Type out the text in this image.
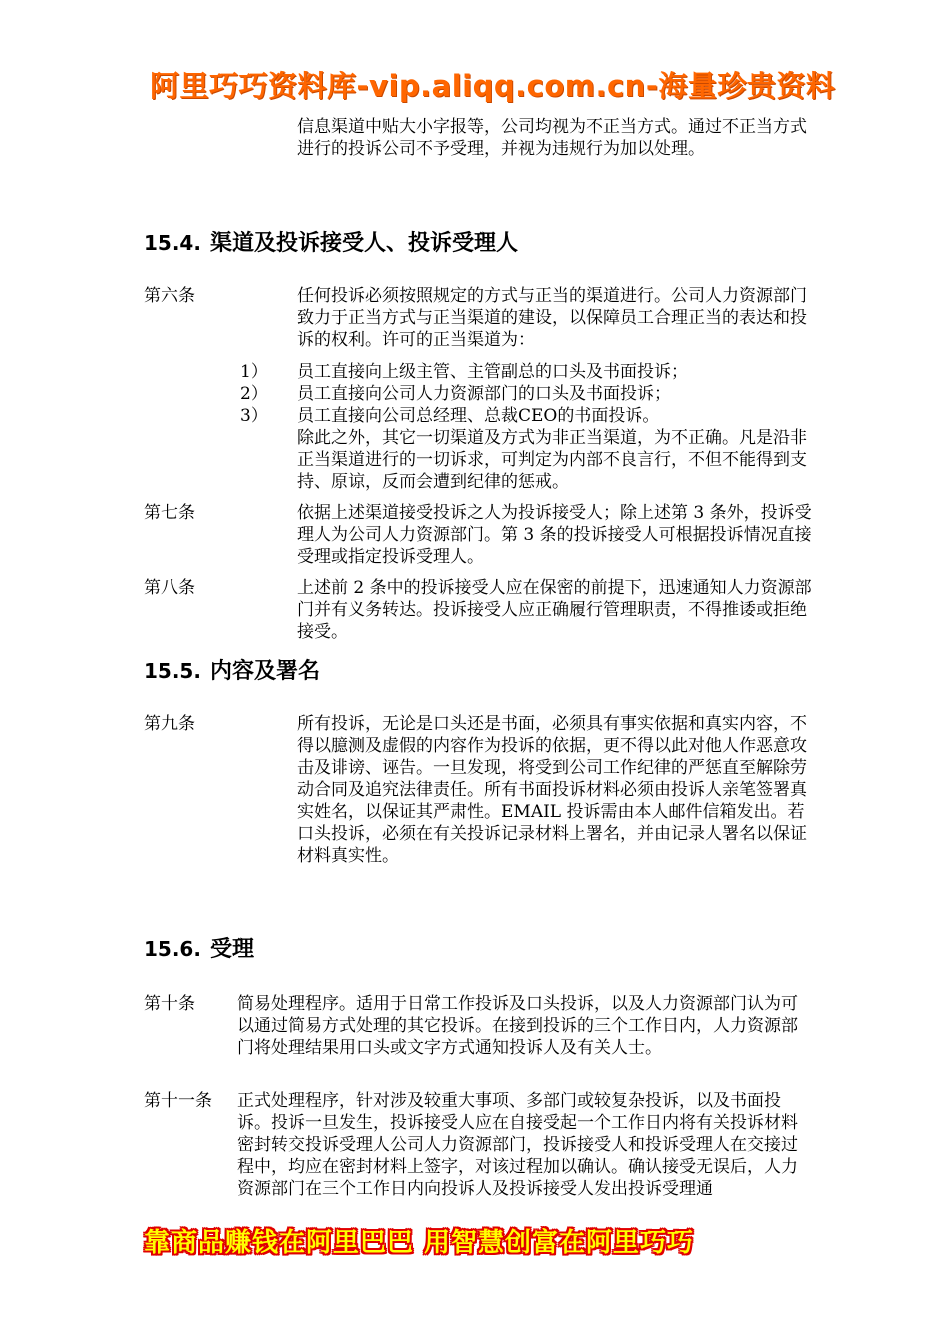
阿里巧巧资料库-vip.aliqq.com.cn-海量珍贵资料
信息渠道中贴大小字报等，公司均视为不正当方式。通过不正当方式进行的投诉公司不予受理，并视为违规行为加以处理。
15.4. 渠道及投诉接受人、投诉受理人
第六条	任何投诉必须按照规定的方式与正当的渠道进行。公司人力资源部门致力于正当方式与正当渠道的建设，以保障员工合理正当的表达和投诉的权利。许可的正当渠道为：
1） 员工直接向上级主管、主管副总的口头及书面投诉；
2） 员工直接向公司人力资源部门的口头及书面投诉；
3） 员工直接向公司总经理、总裁CEO的书面投诉。
除此之外，其它一切渠道及方式为非正当渠道，为不正确。凡是沿非正当渠道进行的一切诉求，可判定为内部不良言行，不但不能得到支持、原谅，反而会遭到纪律的惩戒。
第七条	依据上述渠道接受投诉之人为投诉接受人；除上述第 3 条外，投诉受理人为公司人力资源部门。第 3 条的投诉接受人可根据投诉情况直接受理或指定投诉受理人。
第八条	上述前 2 条中的投诉接受人应在保密的前提下，迅速通知人力资源部门并有义务转达。投诉接受人应正确履行管理职责，不得推诿或拒绝接受。
15.5. 内容及署名
第九条	所有投诉，无论是口头还是书面，必须具有事实依据和真实内容，不得以臆测及虚假的内容作为投诉的依据，更不得以此对他人作恶意攻击及诽谤、诬告。一旦发现，将受到公司工作纪律的严惩直至解除劳动合同及追究法律责任。所有书面投诉材料必须由投诉人亲笔签署真实姓名，以保证其严肃性。EMAIL 投诉需由本人邮件信箱发出。若口头投诉，必须在有关投诉记录材料上署名，并由记录人署名以保证材料真实性。
15.6. 受理
第十条 简易处理程序。适用于日常工作投诉及口头投诉，以及人力资源部门认为可以通过简易方式处理的其它投诉。在接到投诉的三个工作日内，人力资源部门将处理结果用口头或文字方式通知投诉人及有关人士。
第十一条 正式处理程序，针对涉及较重大事项、多部门或较复杂投诉，以及书面投诉。投诉一旦发生，投诉接受人应在自接受起一个工作日内将有关投诉材料密封转交投诉受理人公司人力资源部门，投诉接受人和投诉受理人在交接过程中，均应在密封材料上签字，对该过程加以确认。确认接受无误后，人力资源部门在三个工作日内向投诉人及投诉接受人发出投诉受理通
靠商品赚钱在阿里巴巴 用智慧创富在阿里巧巧
